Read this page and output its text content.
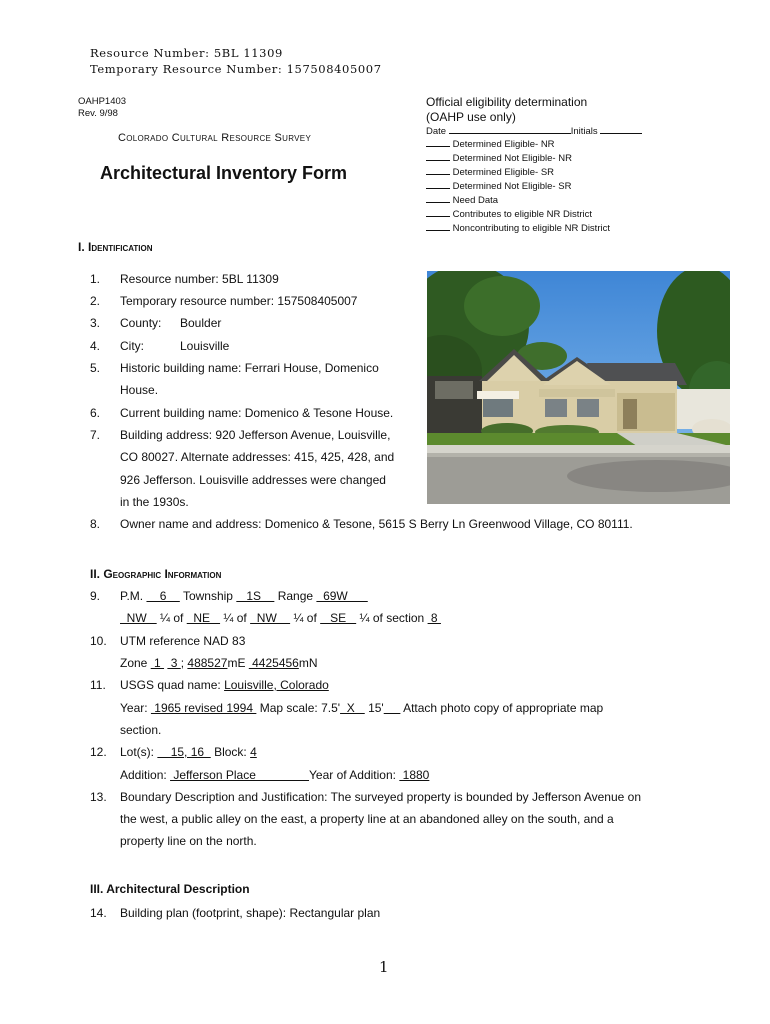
Resource Number: 5BL 11309
Temporary Resource Number: 157508405007
OAHP1403
Rev. 9/98
Colorado Cultural Resource Survey
Architectural Inventory Form
Official eligibility determination
(OAHP use only)
Date	Initials
Determined Eligible- NR
Determined Not Eligible- NR
Determined Eligible- SR
Determined Not Eligible- SR
Need Data
Contributes to eligible NR District
Noncontributing to eligible NR District
I. Identification
1. Resource number: 5BL 11309
2. Temporary resource number: 157508405007
3. County: Boulder
4. City:	Louisville
5. Historic building name: Ferrari House, Domenico
House.
6. Current building name: Domenico & Tesone House.
7. Building address: 920 Jefferson Avenue, Louisville,
CO 80027. Alternate addresses: 415, 425, 428, and
926 Jefferson. Louisville addresses were changed
in the 1930s.
8. Owner name and address: Domenico & Tesone, 5615 S Berry Ln Greenwood Village, CO 80111.
II. Geographic Information
9. P.M.     6     Township    1S     Range   69W
NW    ¼ of   NE    ¼ of   NW     ¼ of    SE    ¼ of section  8
10. UTM reference NAD 83
Zone  1   3 ; 488527mE  4425456mN
11. USGS quad name: Louisville, Colorado
Year:  1965 revised 1994  Map scale: 7.5'  X    15' Attach photo copy of appropriate map
section.
12. Lot(s):     15, 16   Block: 4
Addition:  Jefferson Place                Year of Addition:  1880
13. Boundary Description and Justification: The surveyed property is bounded by Jefferson Avenue on
the west, a public alley on the east, a property line at an abandoned alley on the south, and a
property line on the north.
III. Architectural Description
14. Building plan (footprint, shape): Rectangular plan
1
